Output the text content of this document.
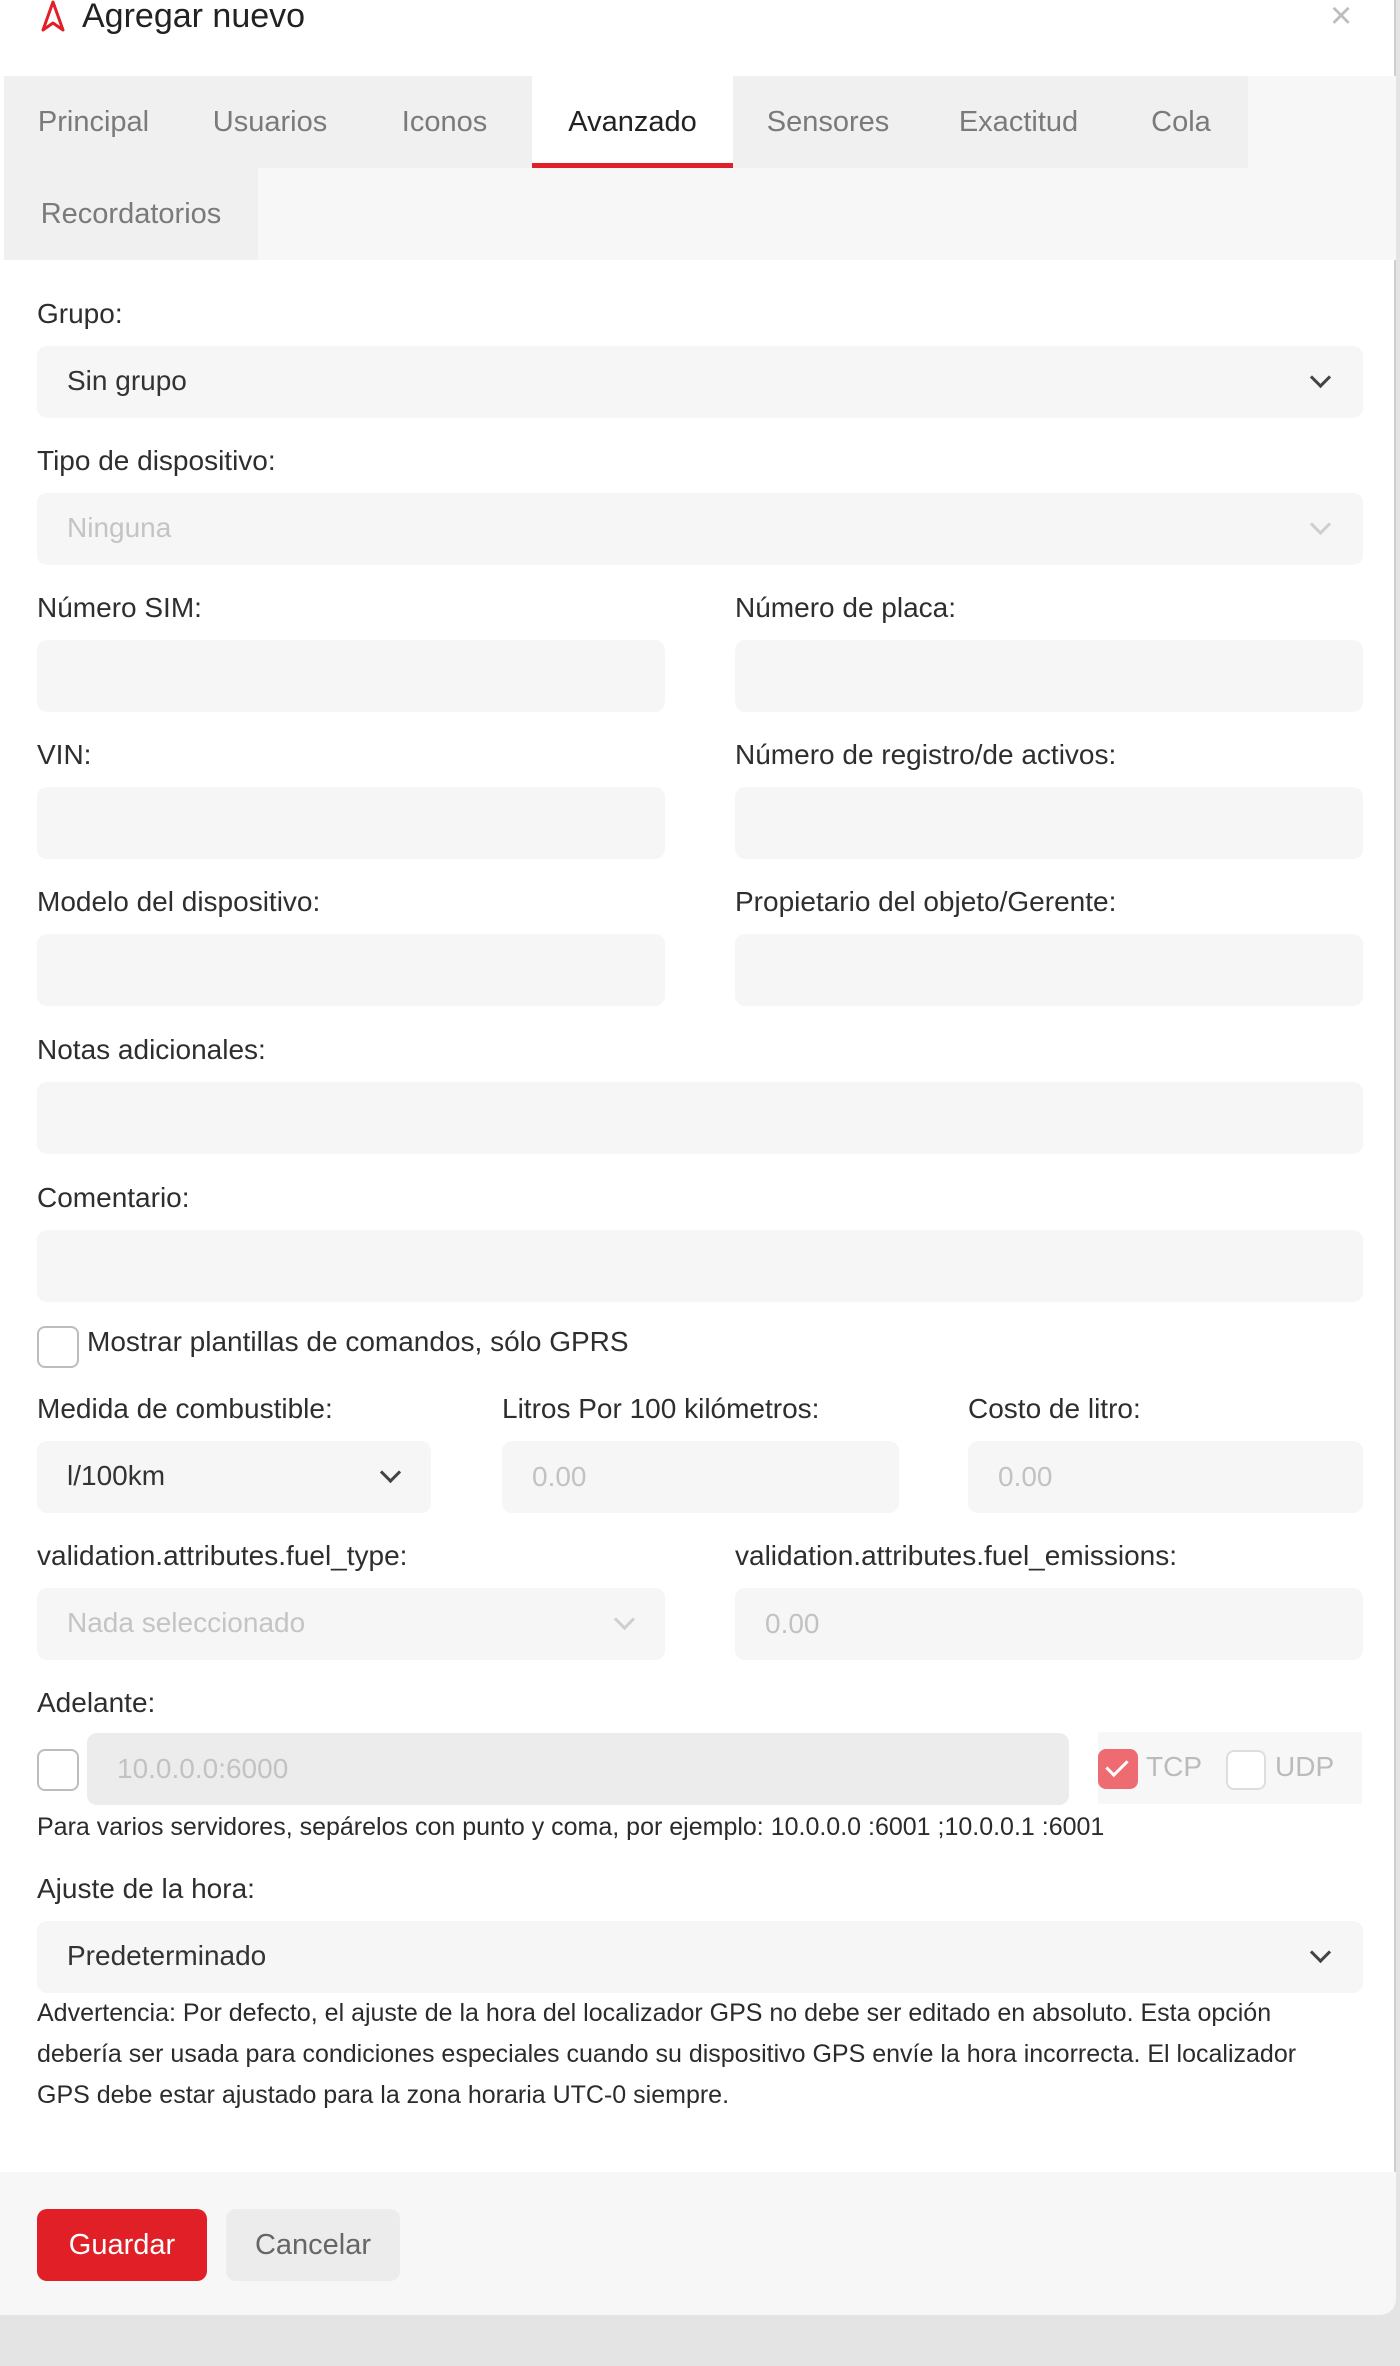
Agregar nuevo	×
Principal	Usuarios	Iconos	Avanzado	Sensores	Exactitud	Cola
Recordatorios
Grupo:
Sin grupo
Tipo de dispositivo:
Ninguna
Número SIM:	Número de placa:
VIN:	Número de registro/de activos:
Modelo del dispositivo:	Propietario del objeto/Gerente:
Notas adicionales:
Comentario:
Mostrar plantillas de comandos, sólo GPRS
Medida de combustible:
l/100km
Litros Por 100 kilómetros:
0.00	Costo de litro:
0.00
validation.attributes.fuel_type:
Nada seleccionado
validation.attributes.fuel_emissions:
0.00
Adelante:
10.0.0.0:6000
TCP	UDP
Para varios servidores, sepárelos con punto y coma, por ejemplo: 10.0.0.0 :6001 ;10.0.0.1 :6001
Ajuste de la hora:
Predeterminado
Advertencia: Por defecto, el ajuste de la hora del localizador GPS no debe ser editado en absoluto. Esta opción
debería ser usada para condiciones especiales cuando su dispositivo GPS envíe la hora incorrecta. El localizador
GPS debe estar ajustado para la zona horaria UTC-0 siempre.
Guardar	Cancelar
